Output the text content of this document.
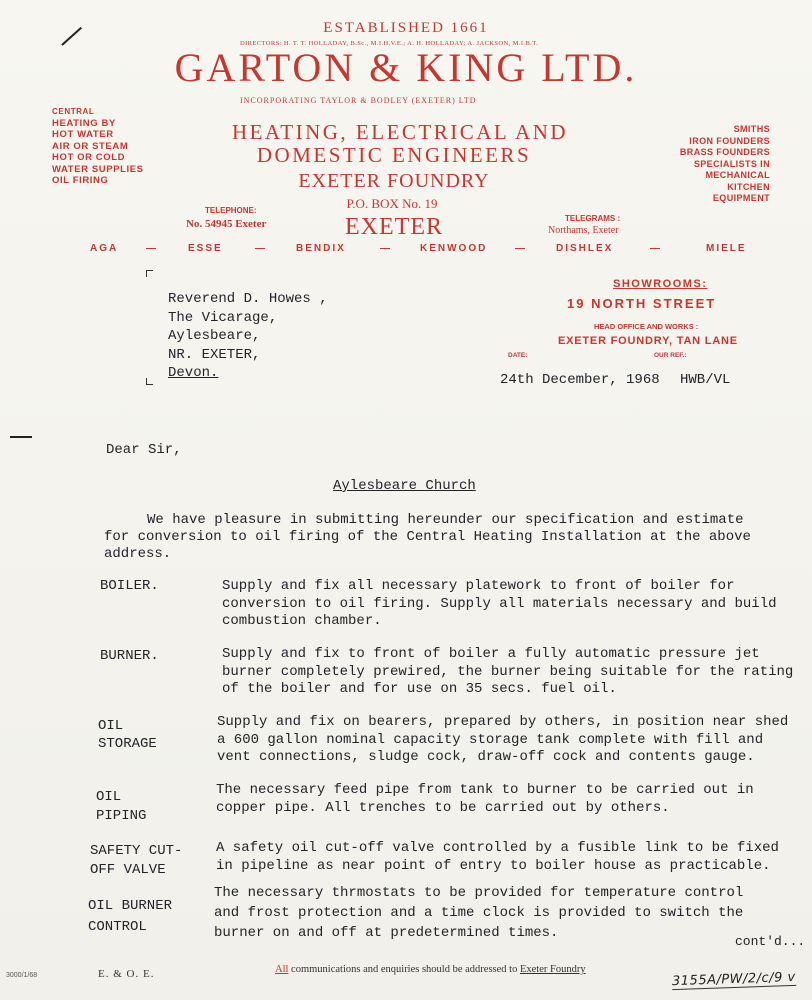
ESTABLISHED 1661
DIRECTORS: H. T. T. HOLLADAY, B.Sc., M.I.H.V.E.; A. H. HOLLADAY; A. JACKSON, M.I.B.T.
GARTON & KING LTD.
INCORPORATING TAYLOR & BODLEY (EXETER) LTD
HEATING, ELECTRICAL AND
DOMESTIC ENGINEERS
EXETER FOUNDRY
P.O. BOX No. 19
EXETER
TELEPHONE:
No. 54945 Exeter	TELEGRAMS :
Northams, Exeter
CENTRAL
HEATING BY
HOT WATER
AIR OR STEAM
HOT OR COLD
WATER SUPPLIES
OIL FIRING
SMITHS
IRON FOUNDERS
BRASS FOUNDERS
SPECIALISTS IN
MECHANICAL
KITCHEN
EQUIPMENT
AGA	—	ESSE	—	BENDIX	—	KENWOOD	—	DISHLEX	—	MIELE
SHOWROOMS:
19 NORTH STREET
HEAD OFFICE AND WORKS :
EXETER FOUNDRY, TAN LANE
DATE:	OUR REF.:
Reverend D. Howes ,
The Vicarage,
Aylesbeare,
NR. EXETER,
Devon.	24th December, 1968 HWB/VL
Dear Sir,
Aylesbeare Church
We have pleasure in submitting hereunder our specification and estimate
for conversion to oil firing of the Central Heating Installation at the above
address.
BOILER.	Supply and fix all necessary platework to front of boiler for
conversion to oil firing. Supply all materials necessary and build
combustion chamber.
BURNER.	Supply and fix to front of boiler a fully automatic pressure jet
burner completely prewired, the burner being suitable for the rating
of the boiler and for use on 35 secs. fuel oil.
OIL
STORAGE
Supply and fix on bearers, prepared by others, in position near shed
a 600 gallon nominal capacity storage tank complete with fill and
vent connections, sludge cock, draw-off cock and contents gauge.
OIL
PIPING
The necessary feed pipe from tank to burner to be carried out in
copper pipe. All trenches to be carried out by others.
SAFETY CUT-
OFF VALVE
A safety oil cut-off valve controlled by a fusible link to be fixed
in pipeline as near point of entry to boiler house as practicable.
OIL BURNER
CONTROL
The necessary thrmostats to be provided for temperature control
and frost protection and a time clock is provided to switch the
burner on and off at predetermined times.
cont'd...
3000/1/68	E. & O. E.	All communications and enquiries should be addressed to Exeter Foundry
3155A/PW/2/c/9 v
